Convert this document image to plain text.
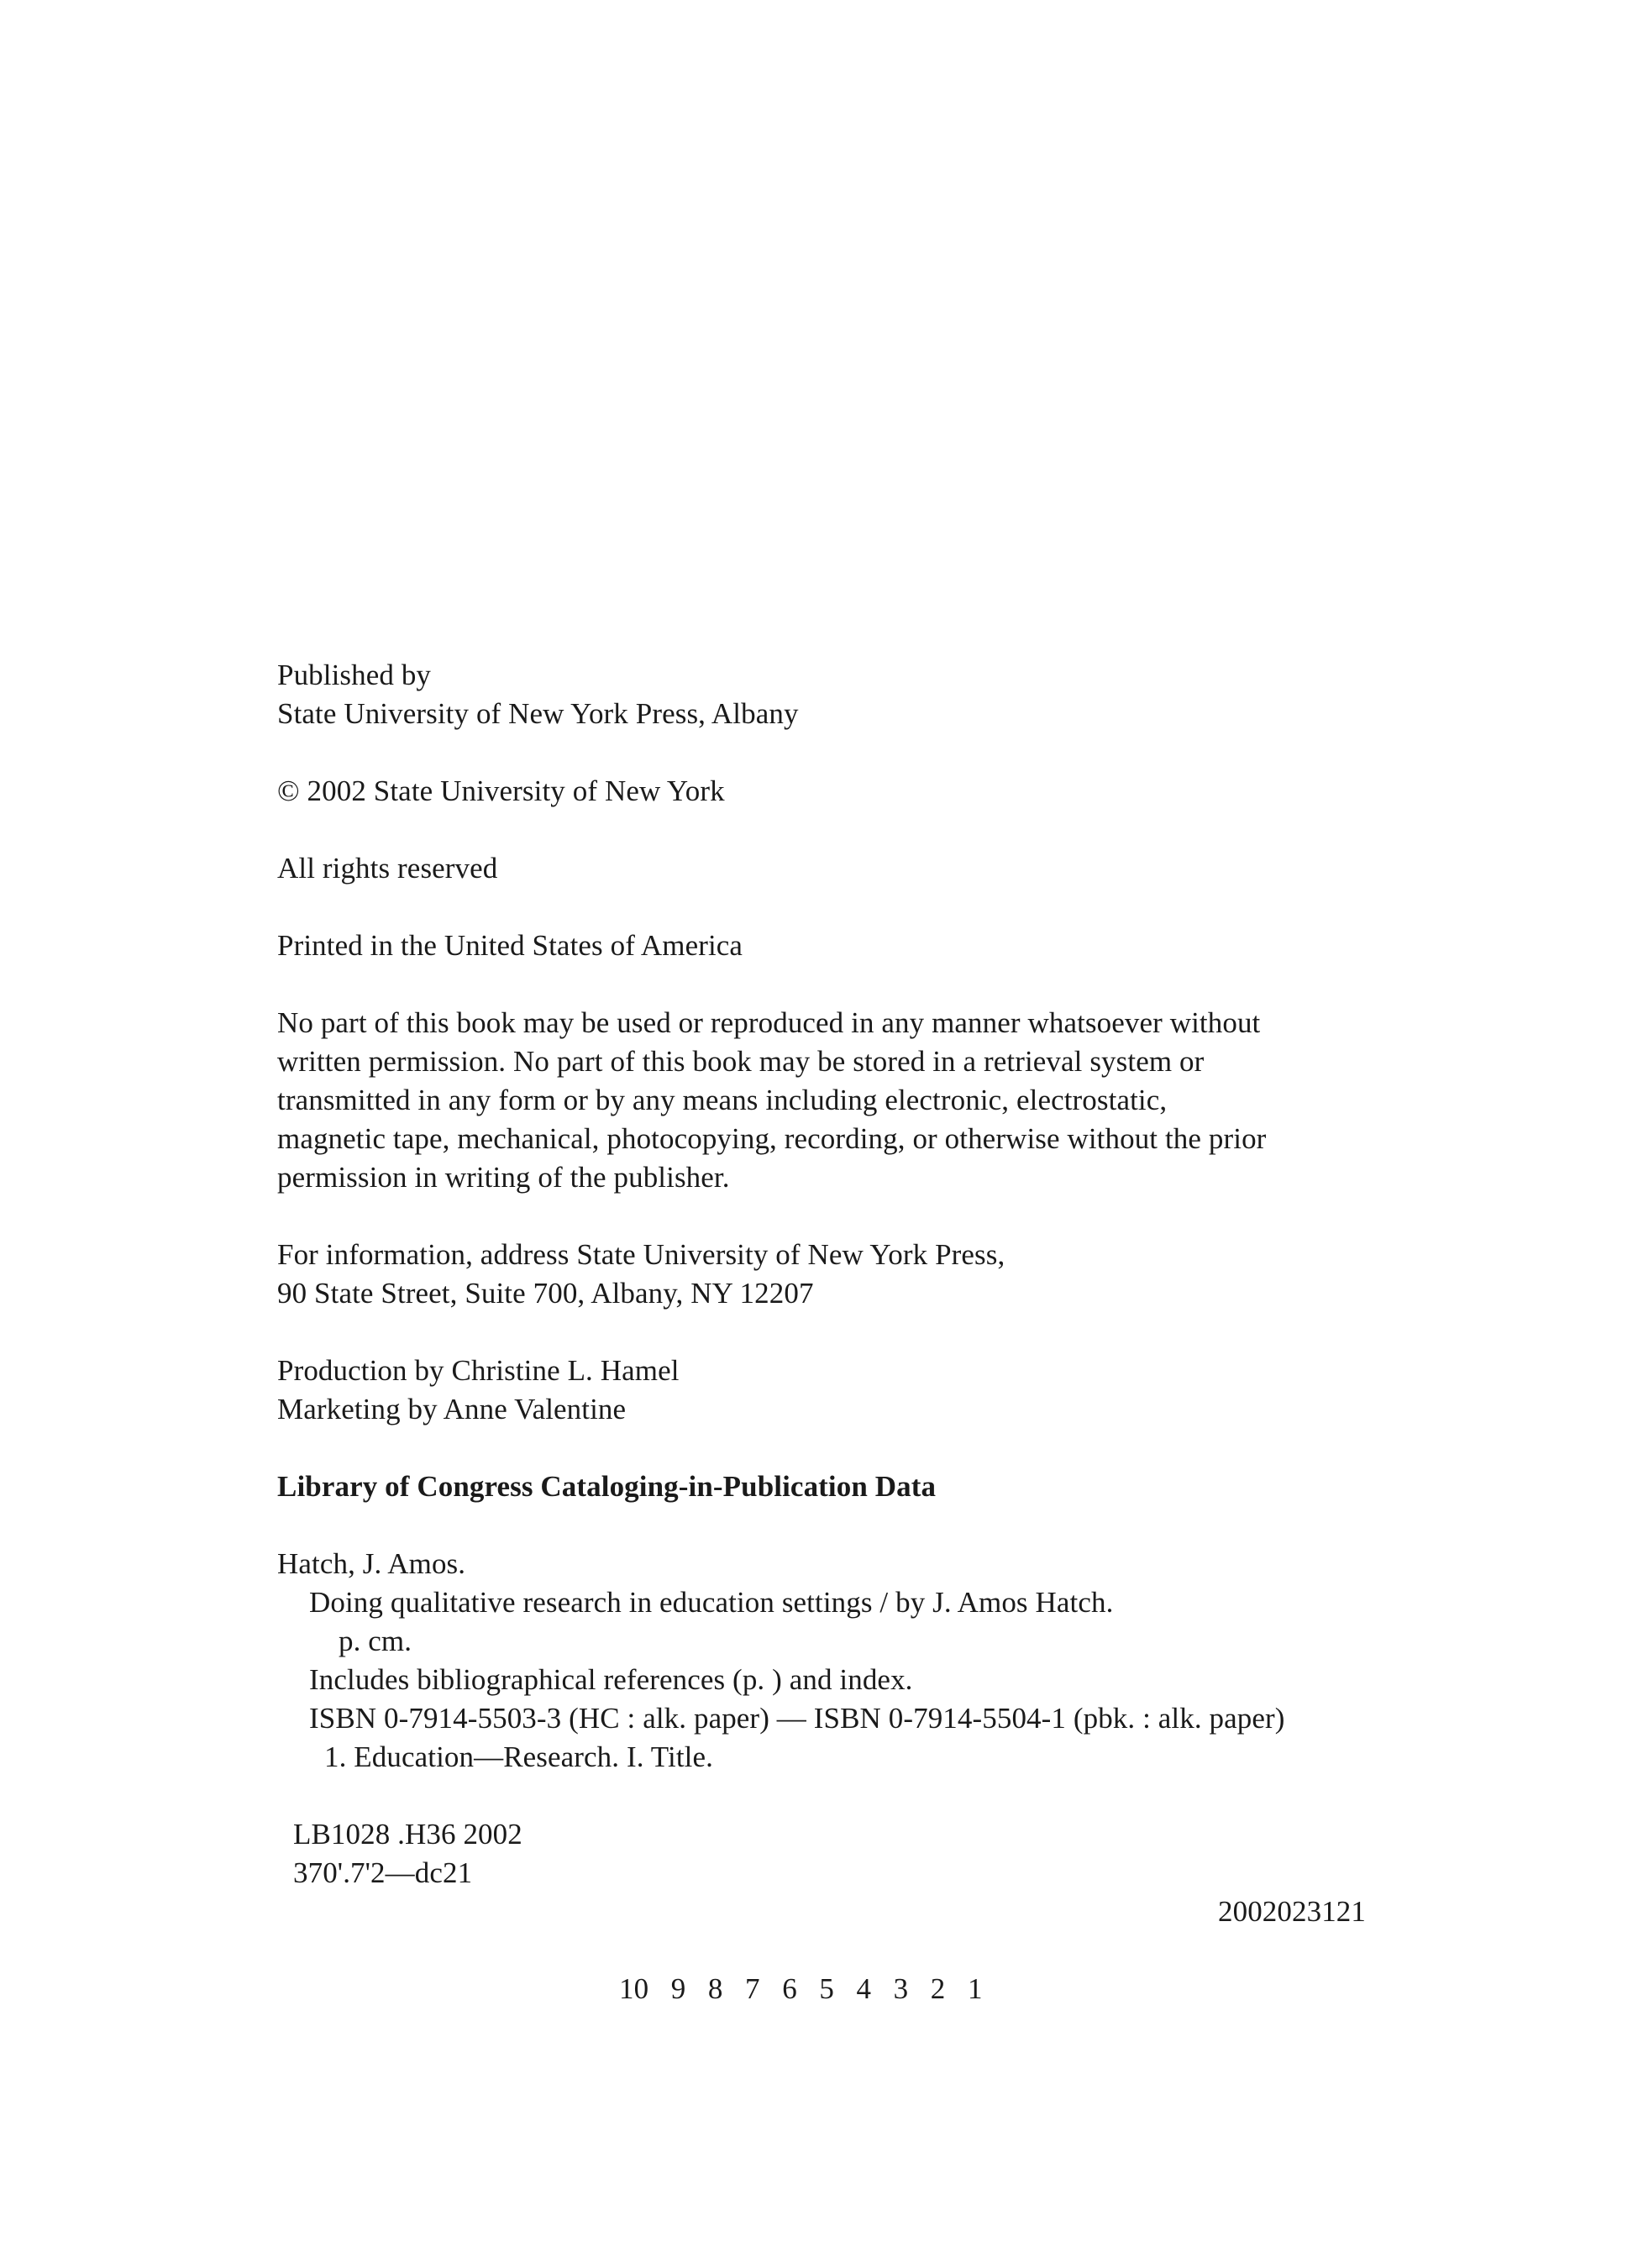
Published by
State University of New York Press, Albany
© 2002 State University of New York
All rights reserved
Printed in the United States of America
No part of this book may be used or reproduced in any manner whatsoever without
written permission. No part of this book may be stored in a retrieval system or
transmitted in any form or by any means including electronic, electrostatic,
magnetic tape, mechanical, photocopying, recording, or otherwise without the prior
permission in writing of the publisher.
For information, address State University of New York Press,
90 State Street, Suite 700, Albany, NY 12207
Production by Christine L. Hamel
Marketing by Anne Valentine
Library of Congress Cataloging-in-Publication Data
Hatch, J. Amos.
Doing qualitative research in education settings / by J. Amos Hatch.
p. cm.
Includes bibliographical references (p. ) and index.
ISBN 0-7914-5503-3 (HC : alk. paper) — ISBN 0-7914-5504-1 (pbk. : alk. paper)
1. Education—Research. I. Title.
LB1028 .H36 2002
370'.7'2—dc21
2002023121
10   9   8   7   6   5   4   3   2   1
